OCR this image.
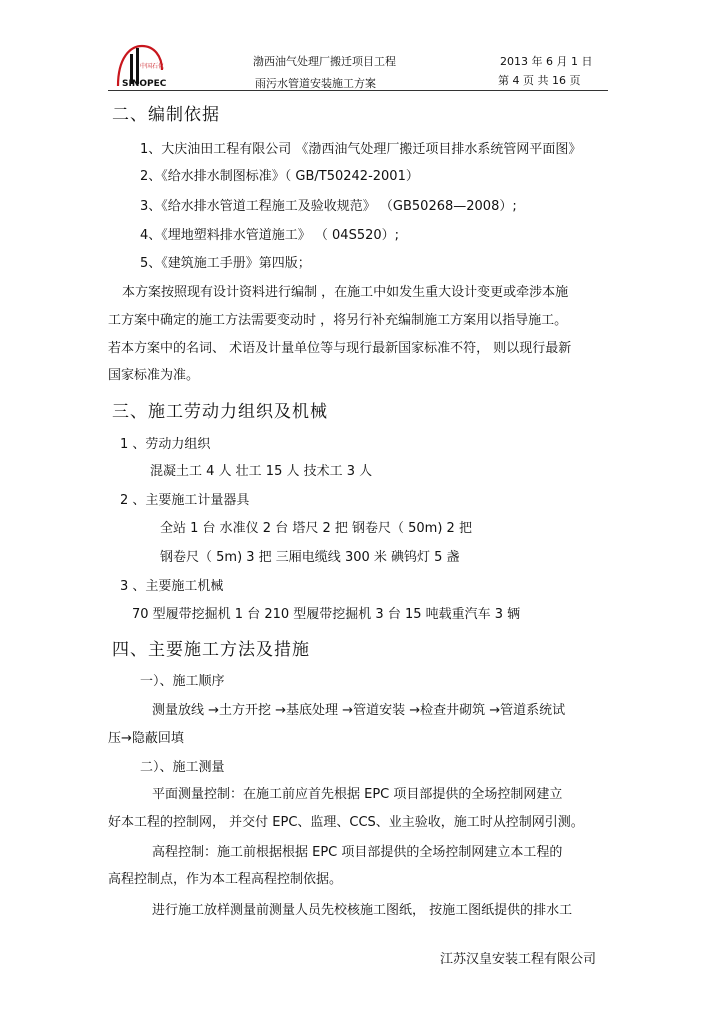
中国石化
SINOPEC
渤西油气处理厂搬迁项目工程
雨污水管道安装施工方案
2013 年 6 月 1 日
第 4 页 共 16 页
二、编制依据
1、大庆油田工程有限公司 《渤西油气处理厂搬迁项目排水系统管网平面图》
2、《给水排水制图标准》（ GB/T50242-2001）
3、《给水排水管道工程施工及验收规范》 （GB50268—2008）;
4、《埋地塑料排水管道施工》 （ 04S520）;
5、《建筑施工手册》第四版；
本方案按照现有设计资料进行编制 ，在施工中如发生重大设计变更或牵涉本施
工方案中确定的施工方法需要变动时 ，将另行补充编制施工方案用以指导施工。
若本方案中的名词、 术语及计量单位等与现行最新国家标准不符， 则以现行最新
国家标准为准。
三、施工劳动力组织及机械
1 、劳动力组织
混凝土工 4 人 壮工 15 人 技术工 3 人
2 、主要施工计量器具
全站 1 台 水准仪 2 台 塔尺 2 把 钢卷尺（ 50m) 2 把
钢卷尺（ 5m) 3 把 三厢电缆线 300 米 碘钨灯 5 盏
3 、主要施工机械
70 型履带挖掘机 1 台 210 型履带挖掘机 3 台 15 吨载重汽车 3 辆
四、主要施工方法及措施
一）、施工顺序
测量放线 →土方开挖 →基底处理 →管道安装 →检查井砌筑 →管道系统试
压→隐蔽回填
二）、施工测量
平面测量控制：在施工前应首先根据 EPC 项目部提供的全场控制网建立
好本工程的控制网， 并交付 EPC、监理、CCS、业主验收，施工时从控制网引测。
高程控制：施工前根据根据 EPC 项目部提供的全场控制网建立本工程的
高程控制点，作为本工程高程控制依据。
进行施工放样测量前测量人员先校核施工图纸， 按施工图纸提供的排水工
江苏汉皇安装工程有限公司
